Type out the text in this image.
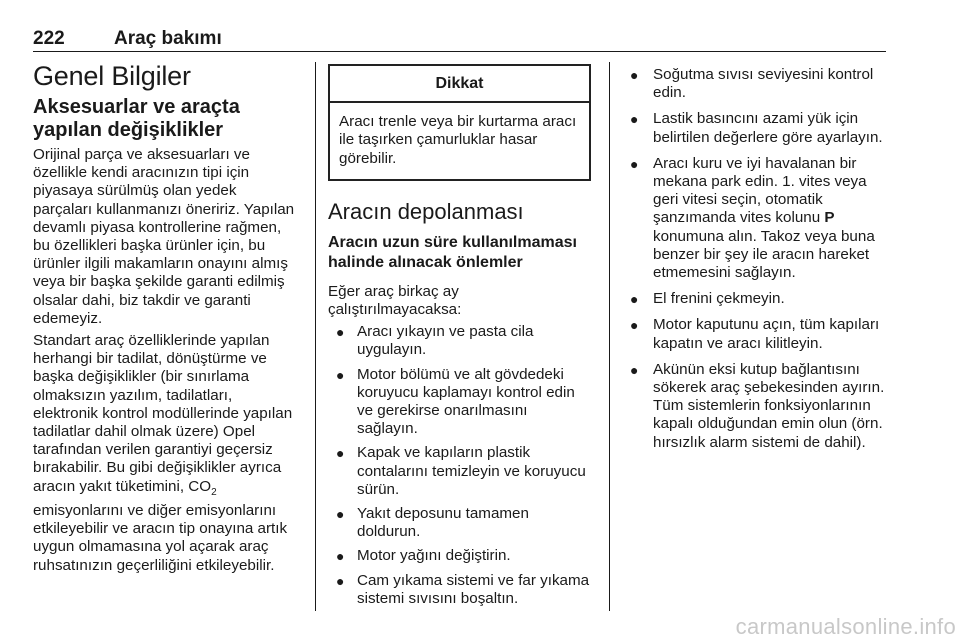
222	Araç bakımı
Genel Bilgiler
Aksesuarlar ve araçta yapılan değişiklikler

Orijinal parça ve aksesuarları ve özellikle kendi aracınızın tipi için piyasaya sürülmüş olan yedek parçaları kullanmanızı öneririz. Yapılan devamlı piyasa kontrollerine rağmen, bu özellikleri başka ürünler için, bu ürünler ilgili makamların onayını almış veya bir başka şekilde garanti edilmiş olsalar dahi, biz takdir ve garanti edemeyiz.

Standart araç özelliklerinde yapılan herhangi bir tadilat, dönüştürme ve başka değişiklikler (bir sınırlama olmaksızın yazılım, tadilatları, elektronik kontrol modüllerinde yapılan tadilatlar dahil olmak üzere) Opel tarafından verilen garantiyi geçersiz bırakabilir. Bu gibi değişiklikler ayrıca aracın yakıt tüketimini, $CO_2$ emisyonlarını ve diğer emisyonlarını etkileyebilir ve aracın tip onayına artık uygun olmamasına yol açarak araç ruhsatınızın geçerliliğini etkileyebilir.

Dikkat
Aracı trenle veya bir kurtarma aracı ile taşırken çamurluklar hasar görebilir.
Aracın depolanması
Aracın uzun süre kullanılmaması halinde alınacak önlemler

Eğer araç birkaç ay çalıştırılmayacaksa:

● Aracı yıkayın ve pasta cila uygulayın.
● Motor bölümü ve alt gövdedeki koruyucu kaplamayı kontrol edin ve gerekirse onarılmasını sağlayın.
● Kapak ve kapıların plastik contalarını temizleyin ve koruyucu sürün.
● Yakıt deposunu tamamen doldurun.
● Motor yağını değiştirin.
● Cam yıkama sistemi ve far yıkama sistemi sıvısını boşaltın.
● Soğutma sıvısı seviyesini kontrol edin.
● Lastik basıncını azami yük için belirtilen değerlere göre ayarlayın.
● Aracı kuru ve iyi havalanan bir mekana park edin. 1. vites veya geri vitesi seçin, otomatik şanzımanda vites kolunu P konumuna alın. Takoz veya buna benzer bir şey ile aracın hareket etmemesini sağlayın.
● El frenini çekmeyin.
● Motor kaputunu açın, tüm kapıları kapatın ve aracı kilitleyin.
● Akünün eksi kutup bağlantısını sökerek araç şebekesinden ayırın. Tüm sistemlerin fonksiyonlarının kapalı olduğundan emin olun (örn. hırsızlık alarm sistemi de dahil).
carmanualsonline.info
